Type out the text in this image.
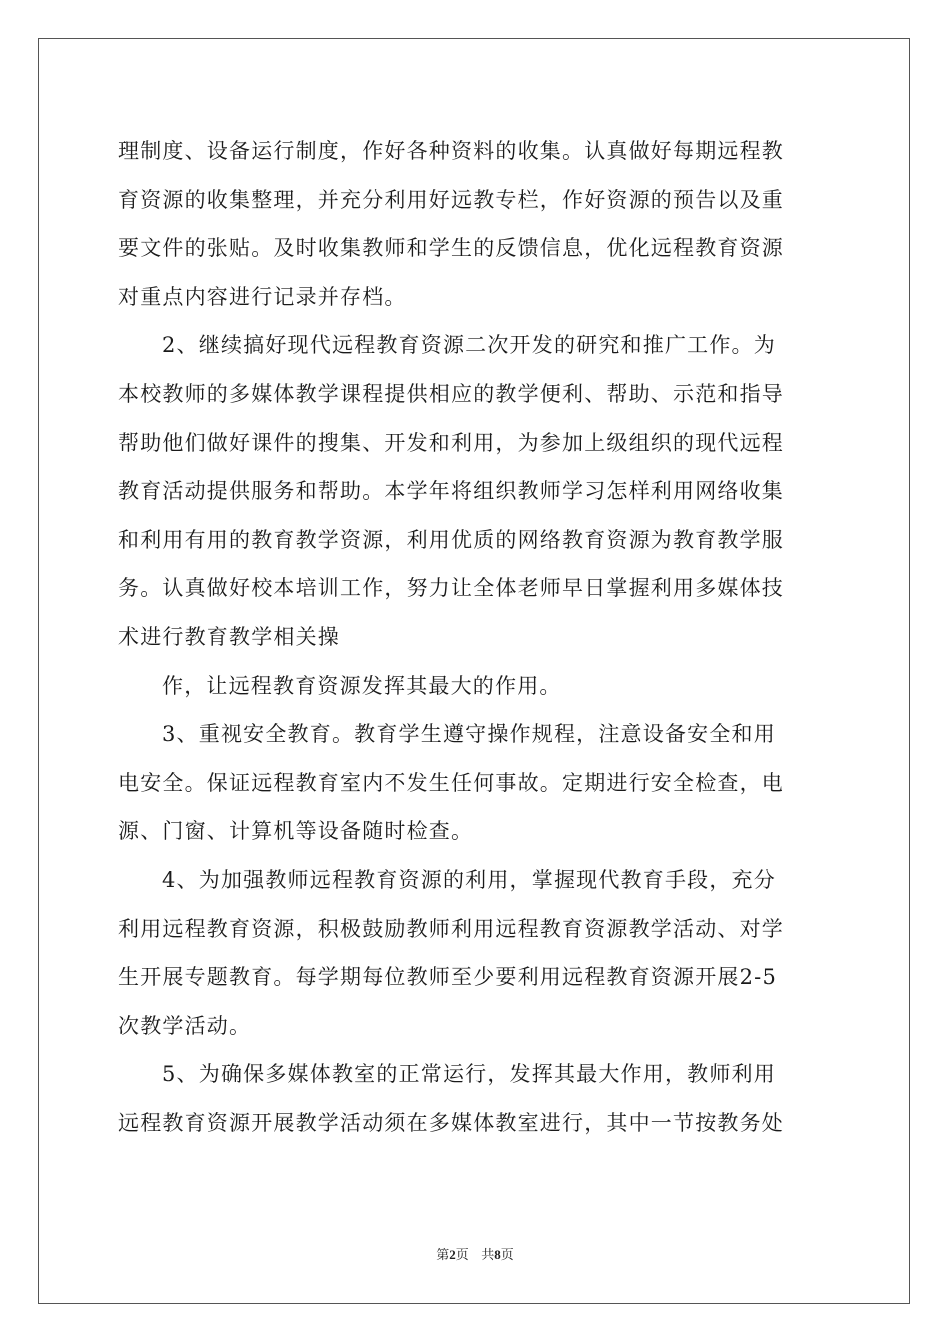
理制度、设备运行制度，作好各种资料的收集。认真做好每期远程教
育资源的收集整理，并充分利用好远教专栏，作好资源的预告以及重
要文件的张贴。及时收集教师和学生的反馈信息，优化远程教育资源
对重点内容进行记录并存档。
2、继续搞好现代远程教育资源二次开发的研究和推广工作。为
本校教师的多媒体教学课程提供相应的教学便利、帮助、示范和指导
帮助他们做好课件的搜集、开发和利用，为参加上级组织的现代远程
教育活动提供服务和帮助。本学年将组织教师学习怎样利用网络收集
和利用有用的教育教学资源，利用优质的网络教育资源为教育教学服
务。认真做好校本培训工作，努力让全体老师早日掌握利用多媒体技
术进行教育教学相关操
作，让远程教育资源发挥其最大的作用。
3、重视安全教育。教育学生遵守操作规程，注意设备安全和用
电安全。保证远程教育室内不发生任何事故。定期进行安全检查，电
源、门窗、计算机等设备随时检查。
4、为加强教师远程教育资源的利用，掌握现代教育手段，充分
利用远程教育资源，积极鼓励教师利用远程教育资源教学活动、对学
生开展专题教育。每学期每位教师至少要利用远程教育资源开展2-5
次教学活动。
5、为确保多媒体教室的正常运行，发挥其最大作用，教师利用
远程教育资源开展教学活动须在多媒体教室进行，其中一节按教务处
第2页 共8页
